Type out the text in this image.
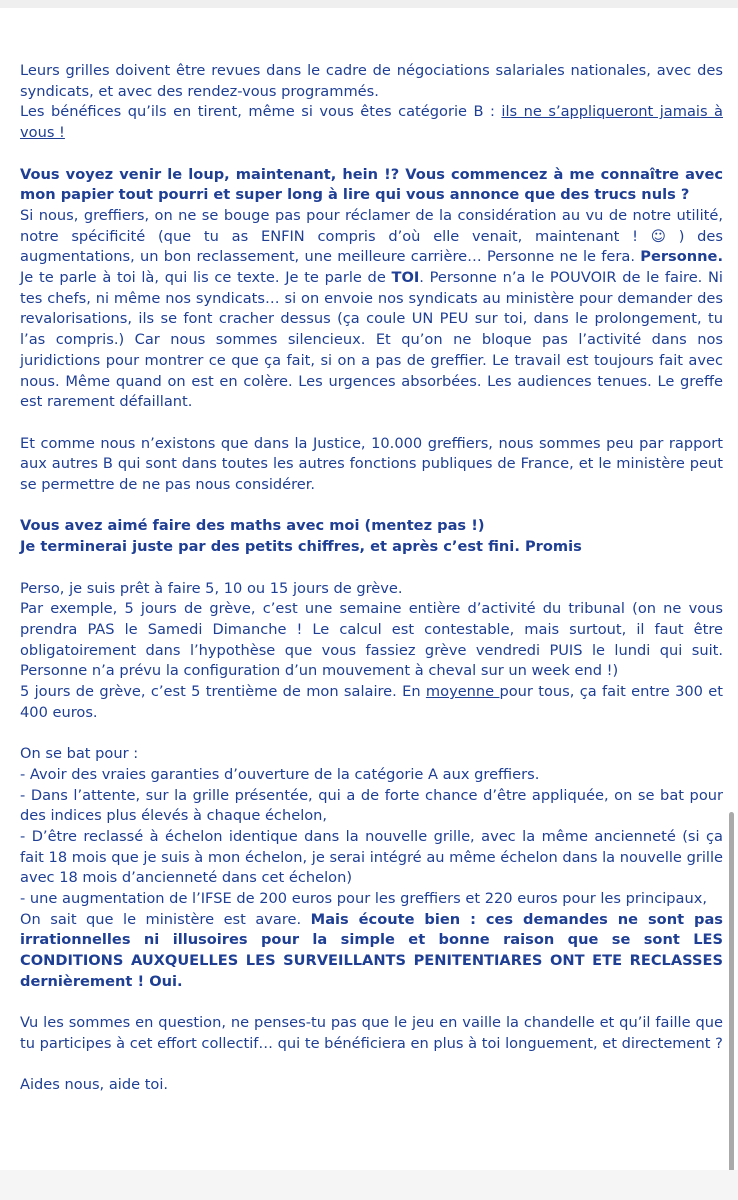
Leurs grilles doivent être revues dans le cadre de négociations salariales nationales, avec des syndicats, et avec des rendez-vous programmés.
Les bénéfices qu’ils en tirent, même si vous êtes catégorie B : ils ne s’appliqueront jamais à vous !

Vous voyez venir le loup, maintenant, hein !? Vous commencez à me connaître avec mon papier tout pourri et super long à lire qui vous annonce que des trucs nuls ?
Si nous, greffiers, on ne se bouge pas pour réclamer de la considération au vu de notre utilité, notre spécificité (que tu as ENFIN compris d’où elle venait, maintenant ! ☺ ) des augmentations, un bon reclassement, une meilleure carrière… Personne ne le fera. Personne. Je te parle à toi là, qui lis ce texte. Je te parle de TOI. Personne n’a le POUVOIR de le faire. Ni tes chefs, ni même nos syndicats… si on envoie nos syndicats au ministère pour demander des revalorisations, ils se font cracher dessus (ça coule UN PEU sur toi, dans le prolongement, tu l’as compris.) Car nous sommes silencieux. Et qu’on ne bloque pas l’activité dans nos juridictions pour montrer ce que ça fait, si on a pas de greffier. Le travail est toujours fait avec nous. Même quand on est en colère. Les urgences absorbées. Les audiences tenues. Le greffe est rarement défaillant.

Et comme nous n’existons que dans la Justice, 10.000 greffiers, nous sommes peu par rapport aux autres B qui sont dans toutes les autres fonctions publiques de France, et le ministère peut se permettre de ne pas nous considérer.

Vous avez aimé faire des maths avec moi (mentez pas !)
Je terminerai juste par des petits chiffres, et après c’est fini. Promis

Perso, je suis prêt à faire 5, 10 ou 15 jours de grève.
Par exemple, 5 jours de grève, c’est une semaine entière d’activité du tribunal (on ne vous prendra PAS le Samedi Dimanche ! Le calcul est contestable, mais surtout, il faut être obligatoirement dans l’hypothèse que vous fassiez grève vendredi PUIS le lundi qui suit. Personne n’a prévu la configuration d’un mouvement à cheval sur un week end !)
5 jours de grève, c’est 5 trentième de mon salaire. En moyenne pour tous, ça fait entre 300 et 400 euros.

On se bat pour :
- Avoir des vraies garanties d’ouverture de la catégorie A aux greffiers.
- Dans l’attente, sur la grille présentée, qui a de forte chance d’être appliquée, on se bat pour des indices plus élevés à chaque échelon,
- D’être reclassé à échelon identique dans la nouvelle grille, avec la même ancienneté (si ça fait 18 mois que je suis à mon échelon, je serai intégré au même échelon dans la nouvelle grille avec 18 mois d’ancienneté dans cet échelon)
- une augmentation de l’IFSE de 200 euros pour les greffiers et 220 euros pour les principaux,
On sait que le ministère est avare. Mais écoute bien : ces demandes ne sont pas irrationnelles ni illusoires pour la simple et bonne raison que se sont LES CONDITIONS AUXQUELLES LES SURVEILLANTS PENITENTIARES ONT ETE RECLASSES dernièrement ! Oui.

Vu les sommes en question, ne penses-tu pas que le jeu en vaille la chandelle et qu’il faille que tu participes à cet effort collectif… qui te bénéficiera en plus à toi longuement, et directement ?

Aides nous, aide toi.
